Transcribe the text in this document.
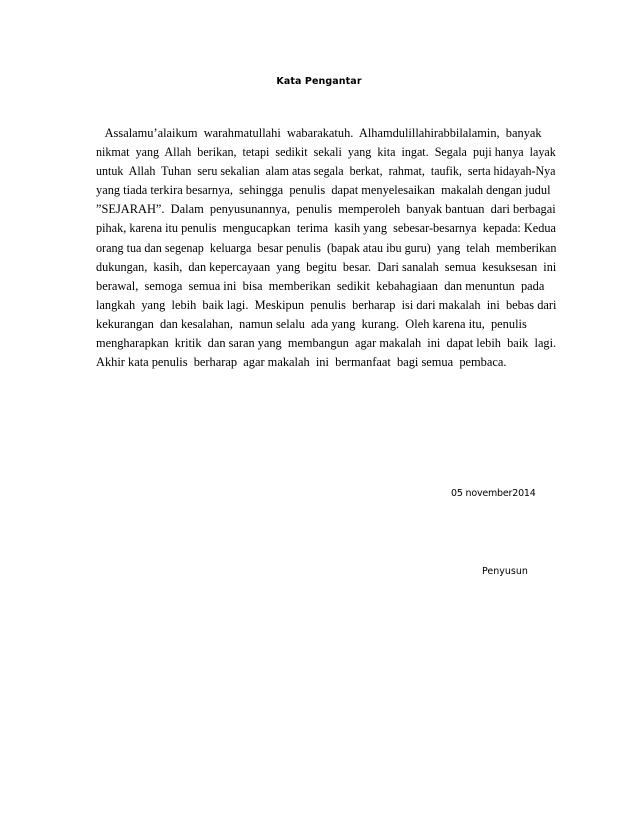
Kata Pengantar
Assalamu’alaikum  warahmatullahi  wabarakatuh.  Alhamdulillahirabbilalamin,  banyak
nikmat  yang  Allah  berikan,  tetapi  sedikit  sekali  yang  kita  ingat.  Segala  puji hanya  layak
untuk  Allah  Tuhan  seru sekalian  alam atas segala  berkat,  rahmat,  taufik,  serta hidayah-Nya
yang tiada terkira besarnya,  sehingga  penulis  dapat menyelesaikan  makalah dengan judul
”SEJARAH”.  Dalam  penyusunannya,  penulis  memperoleh  banyak bantuan  dari berbagai
pihak, karena itu penulis  mengucapkan  terima  kasih yang  sebesar-besarnya  kepada: Kedua
orang tua dan segenap  keluarga  besar penulis  (bapak atau ibu guru)  yang  telah  memberikan
dukungan,  kasih,  dan kepercayaan  yang  begitu  besar.  Dari sanalah  semua  kesuksesan  ini
berawal,  semoga  semua ini  bisa  memberikan  sedikit  kebahagiaan  dan menuntun  pada
langkah  yang  lebih  baik lagi.  Meskipun  penulis  berharap  isi dari makalah  ini  bebas dari
kekurangan  dan kesalahan,  namun selalu  ada yang  kurang.  Oleh karena itu,  penulis
mengharapkan  kritik  dan saran yang  membangun  agar makalah  ini  dapat lebih  baik  lagi.
Akhir kata penulis  berharap  agar makalah  ini  bermanfaat  bagi semua  pembaca.
05 november2014
Penyusun
